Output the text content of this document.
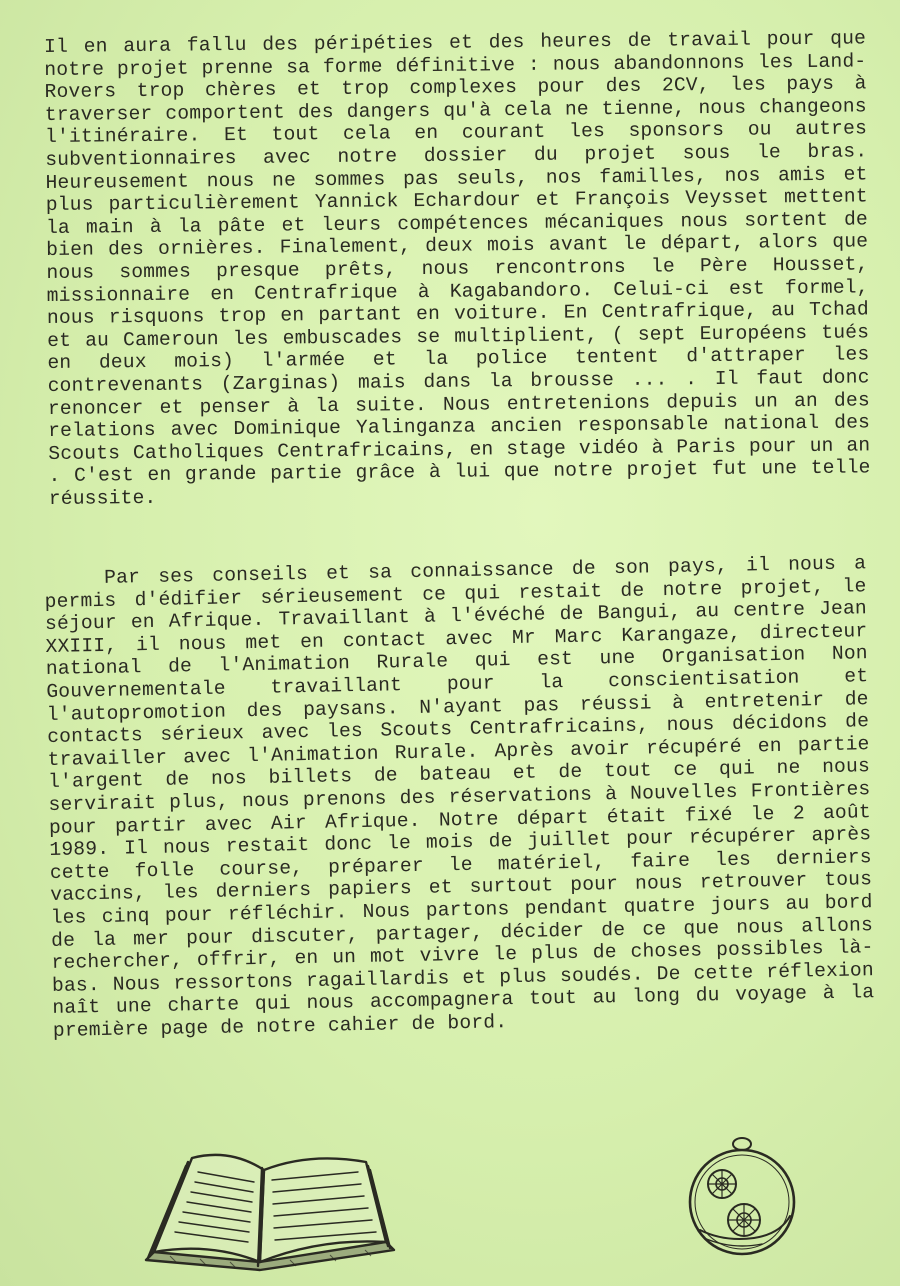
Il en aura fallu des péripéties et des heures de travail pour que notre projet prenne sa forme définitive : nous abandonnons les Land-Rovers trop chères et trop complexes pour des 2CV, les pays à traverser comportent des dangers qu'à cela ne tienne, nous changeons l'itinéraire. Et tout cela en courant les sponsors ou autres subventionnaires avec notre dossier du projet sous le bras. Heureusement nous ne sommes pas seuls, nos familles, nos amis et plus particulièrement Yannick Echardour et François Veysset mettent la main à la pâte et leurs compétences mécaniques nous sortent de bien des ornières. Finalement, deux mois avant le départ, alors que nous sommes presque prêts, nous rencontrons le Père Housset, missionnaire en Centrafrique à Kagabandoro. Celui-ci est formel, nous risquons trop en partant en voiture. En Centrafrique, au Tchad et au Cameroun les embuscades se multiplient, ( sept Européens tués en deux mois) l'armée et la police tentent d'attraper les contrevenants (Zarginas) mais dans la brousse ... . Il faut donc renoncer et penser à la suite. Nous entretenions depuis un an des relations avec Dominique Yalinganza ancien responsable national des Scouts Catholiques Centrafricains, en stage vidéo à Paris pour un an . C'est en grande partie grâce à lui que notre projet fut une telle réussite.

Par ses conseils et sa connaissance de son pays, il nous a permis d'édifier sérieusement ce qui restait de notre projet, le séjour en Afrique. Travaillant à l'évéché de Bangui, au centre Jean XXIII, il nous met en contact avec Mr Marc Karangaze, directeur national de l'Animation Rurale qui est une Organisation Non Gouvernementale travaillant pour la conscientisation et l'autopromotion des paysans. N'ayant pas réussi à entretenir de contacts sérieux avec les Scouts Centrafricains, nous décidons de travailler avec l'Animation Rurale. Après avoir récupéré en partie l'argent de nos billets de bateau et de tout ce qui ne nous servirait plus, nous prenons des réservations à Nouvelles Frontières pour partir avec Air Afrique. Notre départ était fixé le 2 août 1989. Il nous restait donc le mois de juillet pour récupérer après cette folle course, préparer le matériel, faire les derniers vaccins, les derniers papiers et surtout pour nous retrouver tous les cinq pour réfléchir. Nous partons pendant quatre jours au bord de la mer pour discuter, partager, décider de ce que nous allons rechercher, offrir, en un mot vivre le plus de choses possibles là-bas. Nous ressortons ragaillardis et plus soudés. De cette réflexion naît une charte qui nous accompagnera tout au long du voyage à la première page de notre cahier de bord.
